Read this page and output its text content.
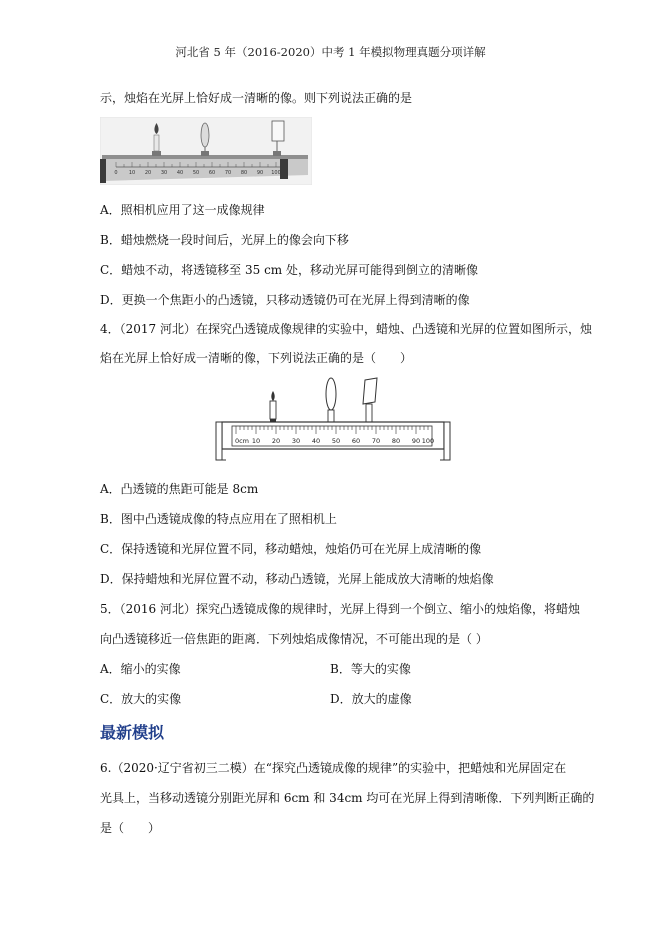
河北省 5 年（2016-2020）中考 1 年模拟物理真题分项详解
示，烛焰在光屏上恰好成一清晰的像。则下列说法正确的是
0 10 20 30 40 50 60 70 80 90 100
A．照相机应用了这一成像规律
B．蜡烛燃烧一段时间后，光屏上的像会向下移
C．蜡烛不动，将透镜移至 35 cm 处，移动光屏可能得到倒立的清晰像
D．更换一个焦距小的凸透镜，只移动透镜仍可在光屏上得到清晰的像
4．（2017 河北）在探究凸透镜成像规律的实验中，蜡烛、凸透镜和光屏的位置如图所示，烛
焰在光屏上恰好成一清晰的像，下列说法正确的是（　　）
0cm 10 20 30 40 50 60 70 80 90 100
A．凸透镜的焦距可能是 8cm
B．图中凸透镜成像的特点应用在了照相机上
C．保持透镜和光屏位置不同，移动蜡烛，烛焰仍可在光屏上成清晰的像
D．保持蜡烛和光屏位置不动，移动凸透镜，光屏上能成放大清晰的烛焰像
5．（2016 河北）探究凸透镜成像的规律时，光屏上得到一个倒立、缩小的烛焰像，将蜡烛
向凸透镜移近一倍焦距的距离．下列烛焰成像情况，不可能出现的是（ ）
A．缩小的实像	B．等大的实像
C．放大的实像	D．放大的虚像
最新模拟
6.（2020·辽宁省初三二模）在“探究凸透镜成像的规律”的实验中，把蜡烛和光屏固定在
光具上，当移动透镜分别距光屏和 6cm 和 34cm 均可在光屏上得到清晰像．下列判断正确的
是（　　）
